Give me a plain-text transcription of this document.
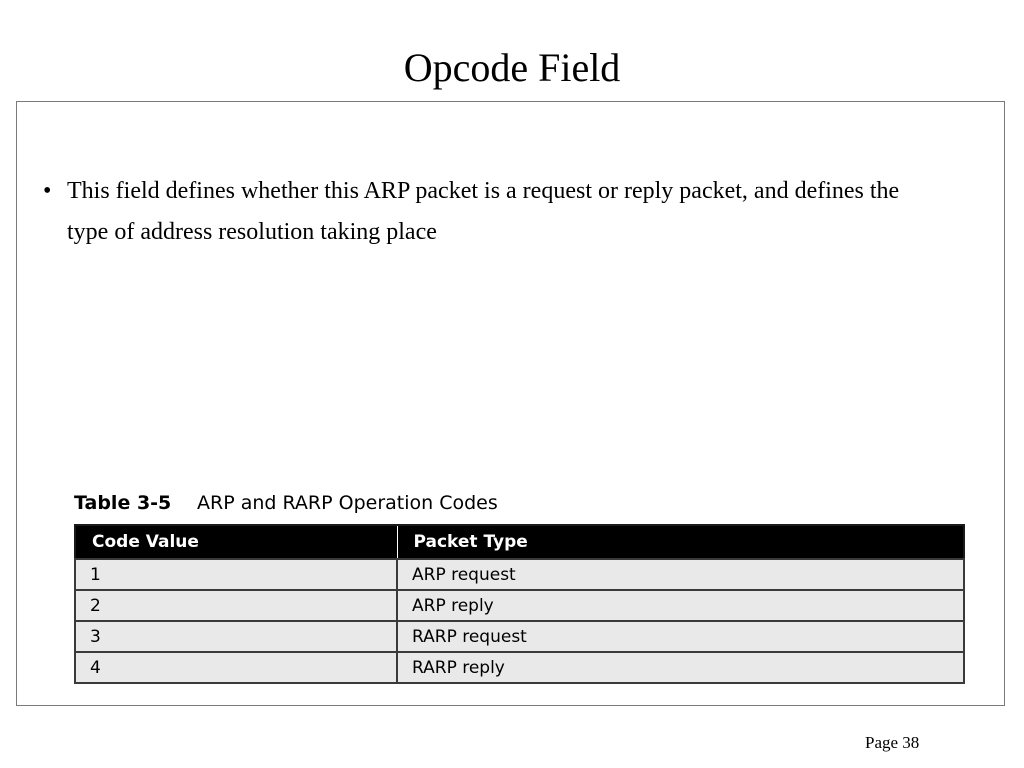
Opcode Field
• This field defines whether this ARP packet is a request or reply packet, and defines the type of address resolution taking place
Table 3-5 ARP and RARP Operation Codes
Code Value	Packet Type
1	ARP request
2	ARP reply
3	RARP request
4	RARP reply
Page 38
